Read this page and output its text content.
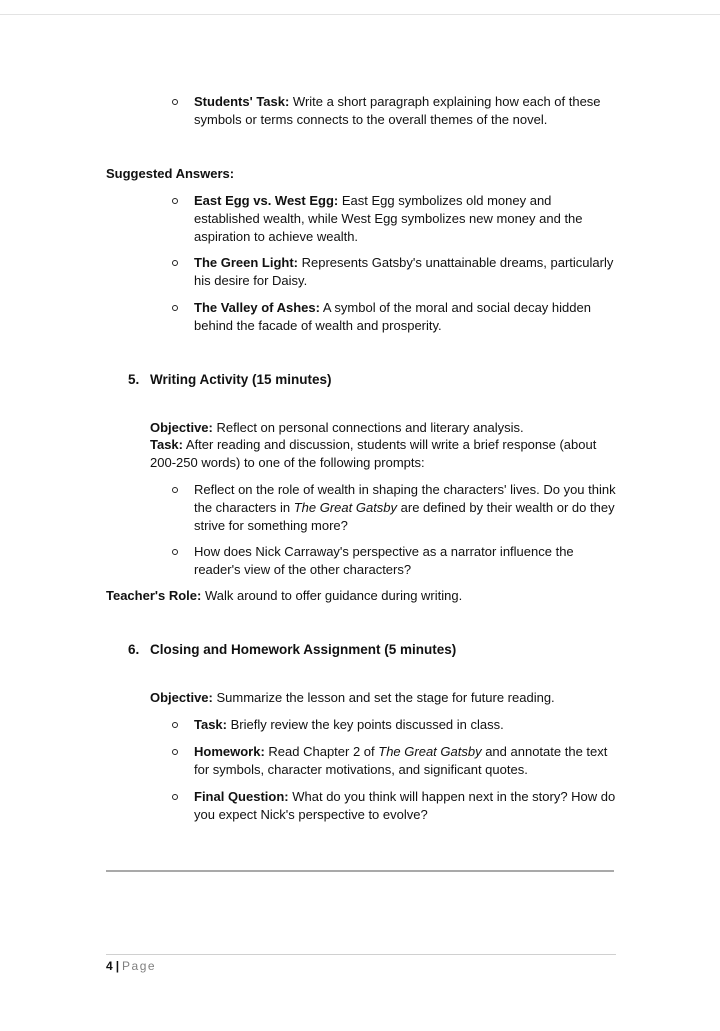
Students' Task: Write a short paragraph explaining how each of these symbols or terms connects to the overall themes of the novel.
Suggested Answers:
East Egg vs. West Egg: East Egg symbolizes old money and established wealth, while West Egg symbolizes new money and the aspiration to achieve wealth.
The Green Light: Represents Gatsby's unattainable dreams, particularly his desire for Daisy.
The Valley of Ashes: A symbol of the moral and social decay hidden behind the facade of wealth and prosperity.
5. Writing Activity (15 minutes)
Objective: Reflect on personal connections and literary analysis.
Task: After reading and discussion, students will write a brief response (about 200-250 words) to one of the following prompts:
Reflect on the role of wealth in shaping the characters' lives. Do you think the characters in The Great Gatsby are defined by their wealth or do they strive for something more?
How does Nick Carraway's perspective as a narrator influence the reader's view of the other characters?
Teacher's Role: Walk around to offer guidance during writing.
6. Closing and Homework Assignment (5 minutes)
Objective: Summarize the lesson and set the stage for future reading.
Task: Briefly review the key points discussed in class.
Homework: Read Chapter 2 of The Great Gatsby and annotate the text for symbols, character motivations, and significant quotes.
Final Question: What do you think will happen next in the story? How do you expect Nick's perspective to evolve?
4 | Page
